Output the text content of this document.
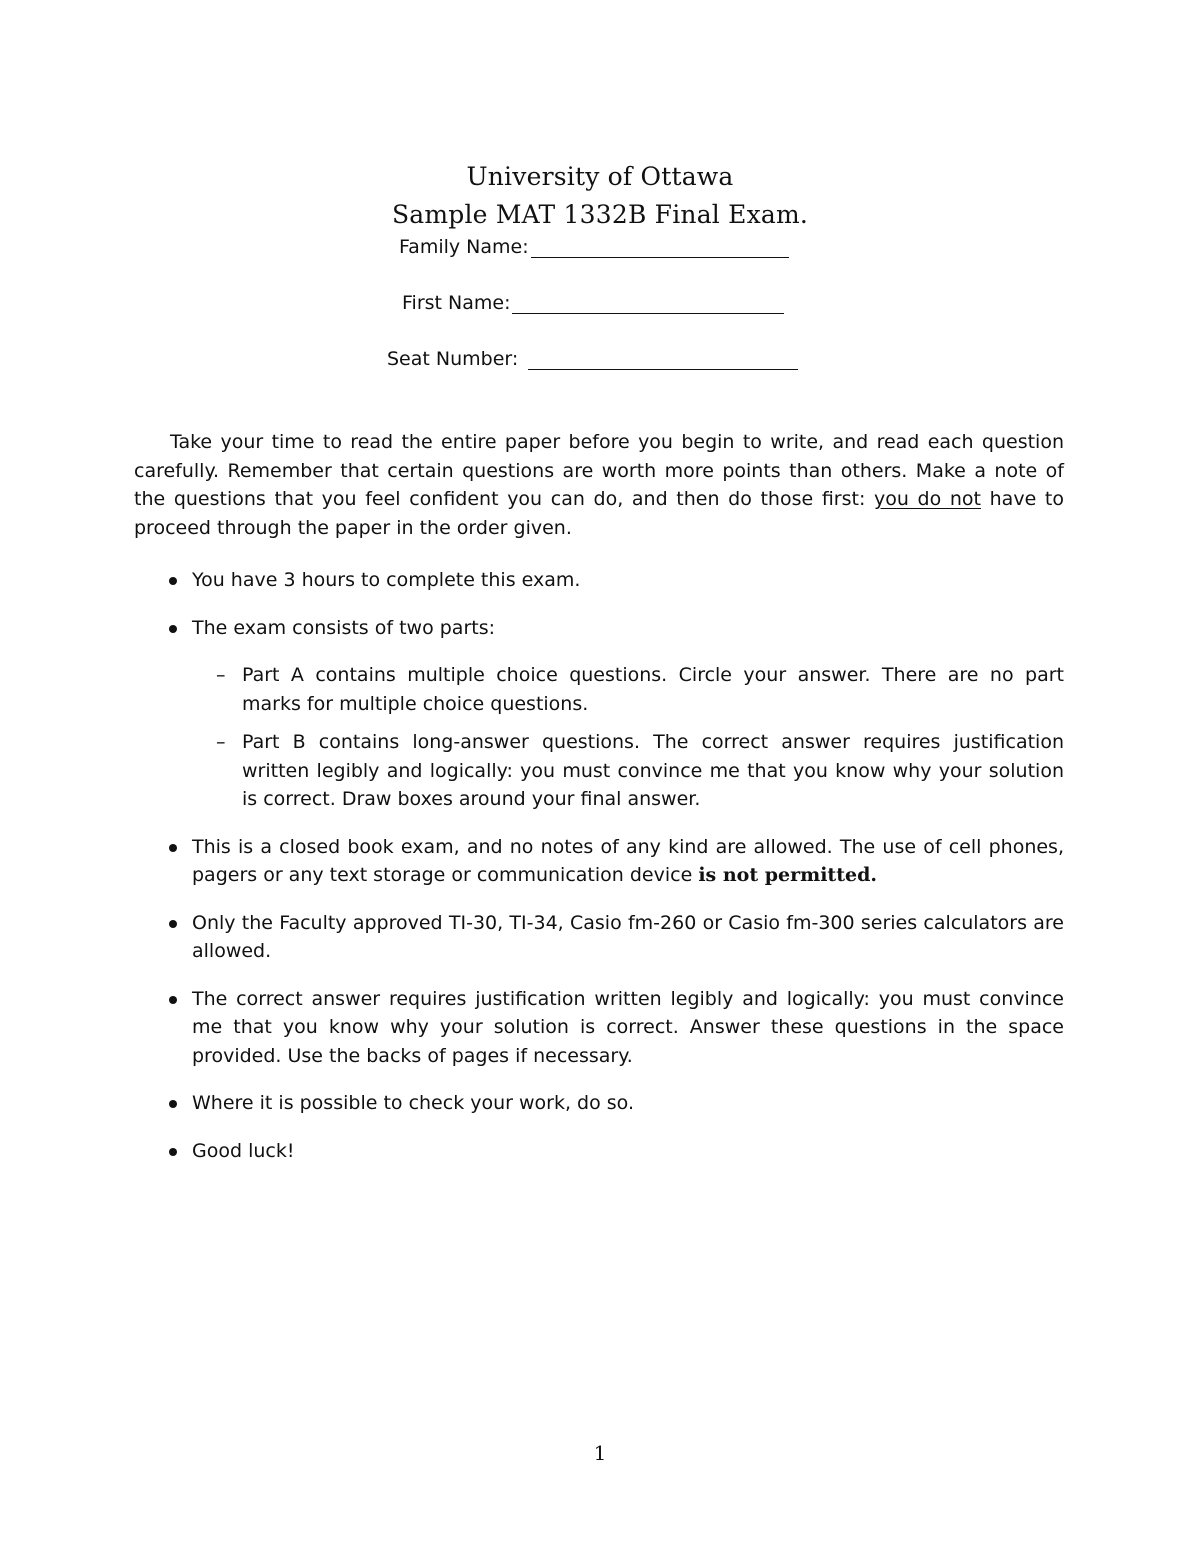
University of Ottawa
Sample MAT 1332B Final Exam.
Family Name:
First Name:
Seat Number:
Take your time to read the entire paper before you begin to write, and read each question carefully. Remember that certain questions are worth more points than others. Make a note of the questions that you feel confident you can do, and then do those first: you do not have to proceed through the paper in the order given.
You have 3 hours to complete this exam.
The exam consists of two parts:
– Part A contains multiple choice questions. Circle your answer. There are no part marks for multiple choice questions.
– Part B contains long-answer questions. The correct answer requires justification written legibly and logically: you must convince me that you know why your solution is correct. Draw boxes around your final answer.
This is a closed book exam, and no notes of any kind are allowed. The use of cell phones, pagers or any text storage or communication device is not permitted.
Only the Faculty approved TI-30, TI-34, Casio fm-260 or Casio fm-300 series calculators are allowed.
The correct answer requires justification written legibly and logically: you must convince me that you know why your solution is correct. Answer these questions in the space provided. Use the backs of pages if necessary.
Where it is possible to check your work, do so.
Good luck!
1
